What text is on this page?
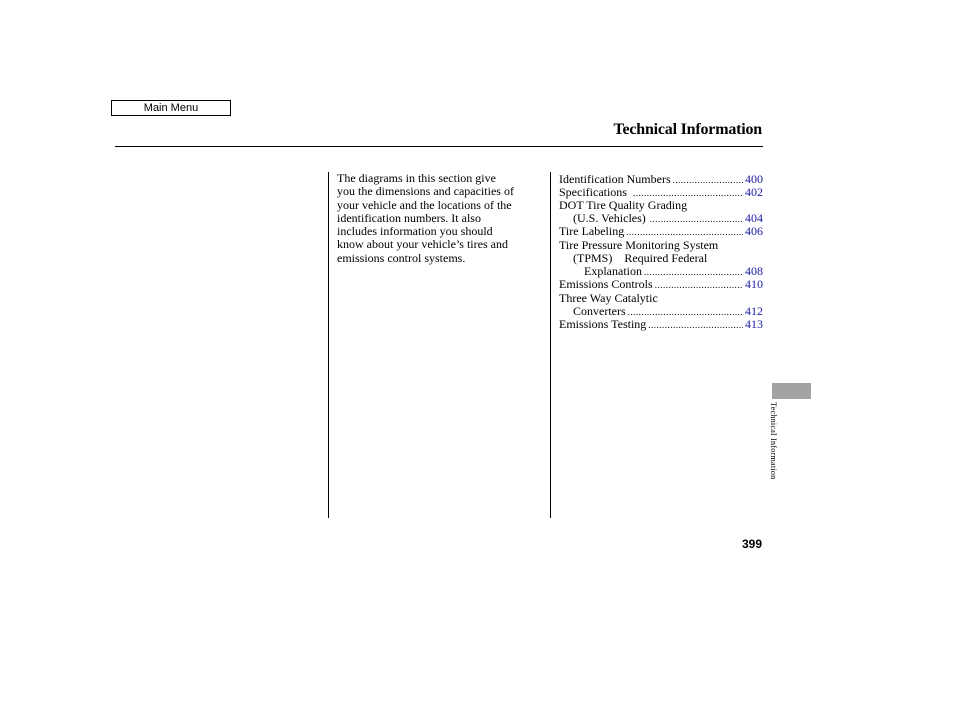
Main Menu
Technical Information
The diagrams in this section give
you the dimensions and capacities of
your vehicle and the locations of the
identification numbers. It also
includes information you should
know about your vehicle’s tires and
emissions control systems.
Identification Numbers .....	400
Specifications .....	402
DOT Tire Quality Grading
(U.S. Vehicles) .....	404
Tire Labeling .....	406
Tire Pressure Monitoring System
(TPMS) Required Federal
Explanation .....	408
Emissions Controls .....	410
Three Way Catalytic
Converters .....	412
Emissions Testing .....	413
Technical Information
399
